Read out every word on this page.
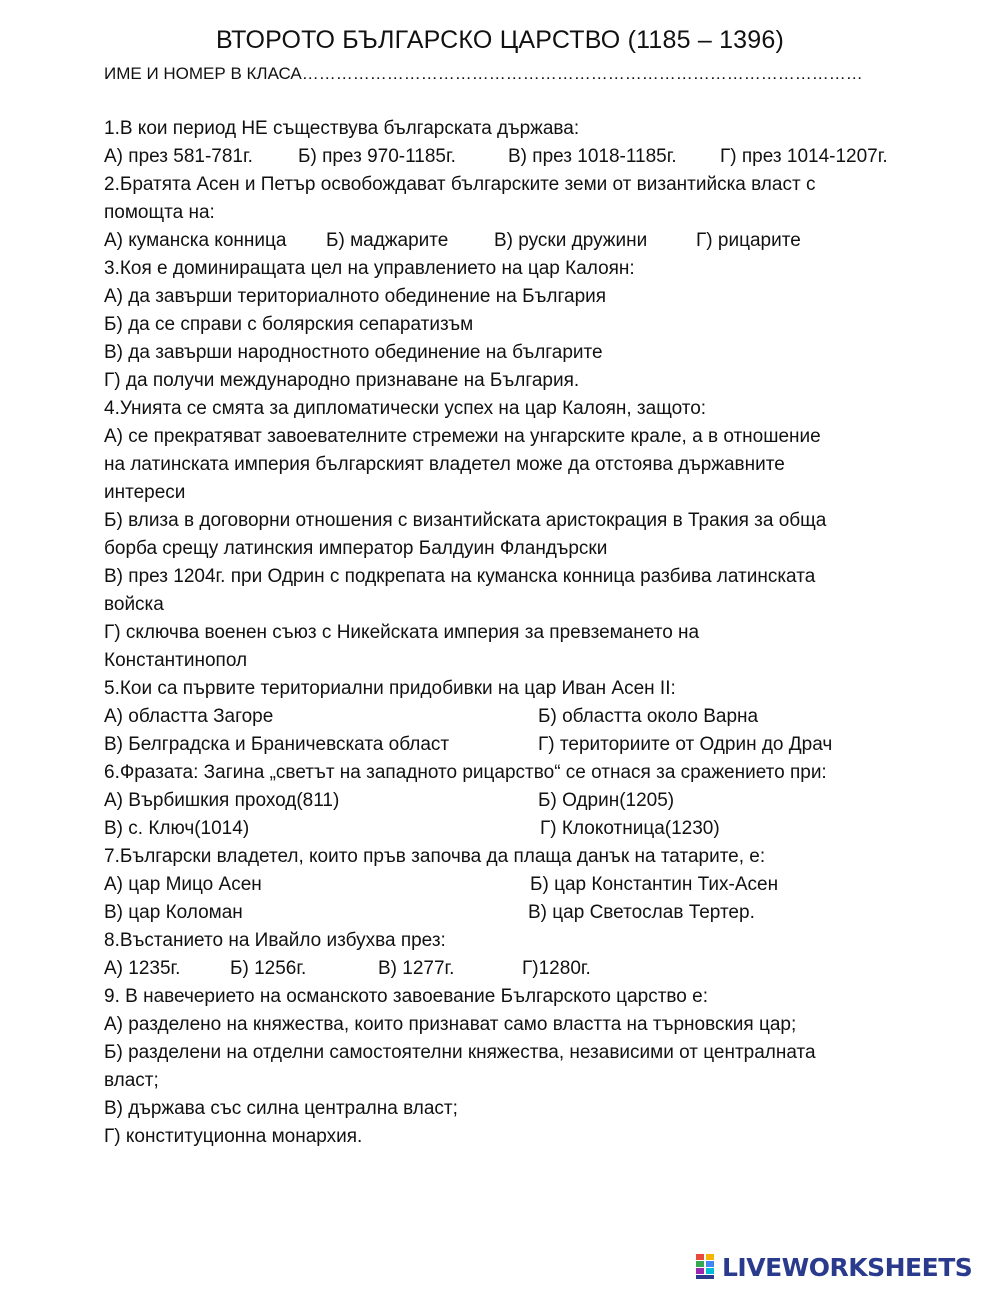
ВТОРОТО БЪЛГАРСКО ЦАРСТВО (1185 – 1396)
ИМЕ И НОМЕР В КЛАСА………………………………………………………………………………………
1.В кои период НЕ съществува българската държава:
А) през 581-781г. Б) през 970-1185г.	В) през 1018-1185г. Г) през 1014-1207г.
2.Братята Асен и Петър освобождават българските земи от византийска власт с
помощта на:
А) куманска конница Б) маджарите В) руски дружини	Г) рицарите
3.Коя е доминиращата цел на управлението на цар Калоян:
А) да завърши териториалното обединение на България
Б) да се справи с болярския сепаратизъм
В) да завърши народностното обединение на българите
Г) да получи международно признаване на България.
4.Унията се смята за дипломатически успех на цар Калоян, защото:
А) се прекратяват завоевателните стремежи на унгарските крале, а в отношение
на латинската империя българският владетел може да отстоява държавните
интереси
Б) влиза в договорни отношения с византийската аристокрация в Тракия за обща
борба срещу латинския император Балдуин Фландърски
В) през 1204г. при Одрин с подкрепата на куманска конница разбива латинската
войска
Г) сключва военен съюз с Никейската империя за превземането на
Константинопол
5.Кои са първите териториални придобивки на цар Иван Асен II:
А) областта Загоре	Б) областта около Варна
В) Белградска и Браничевската област	Г) териториите от Одрин до Драч
6.Фразата: Загина „светът на западното рицарство“ се отнася за сражението при:
А) Върбишкия проход(811)	Б) Одрин(1205)
В) с. Ключ(1014)	Г) Клокотница(1230)
7.Български владетел, които пръв започва да плаща данък на татарите, е:
А) цар Мицо Асен	Б) цар Константин Тих-Асен
В) цар Коломан	В) цар Светослав Тертер.
8.Въстанието на Ивайло избухва през:
А) 1235г.	Б) 1256г.	В) 1277г.	Г)1280г.
9. В навечерието на османското завоевание Българското царство е:
А) разделено на княжества, които признават само властта на търновския цар;
Б) разделени на отделни самостоятелни княжества, независими от централната
власт;
В) държава със силна централна власт;
Г) конституционна монархия.
LIVEWORKSHEETS
